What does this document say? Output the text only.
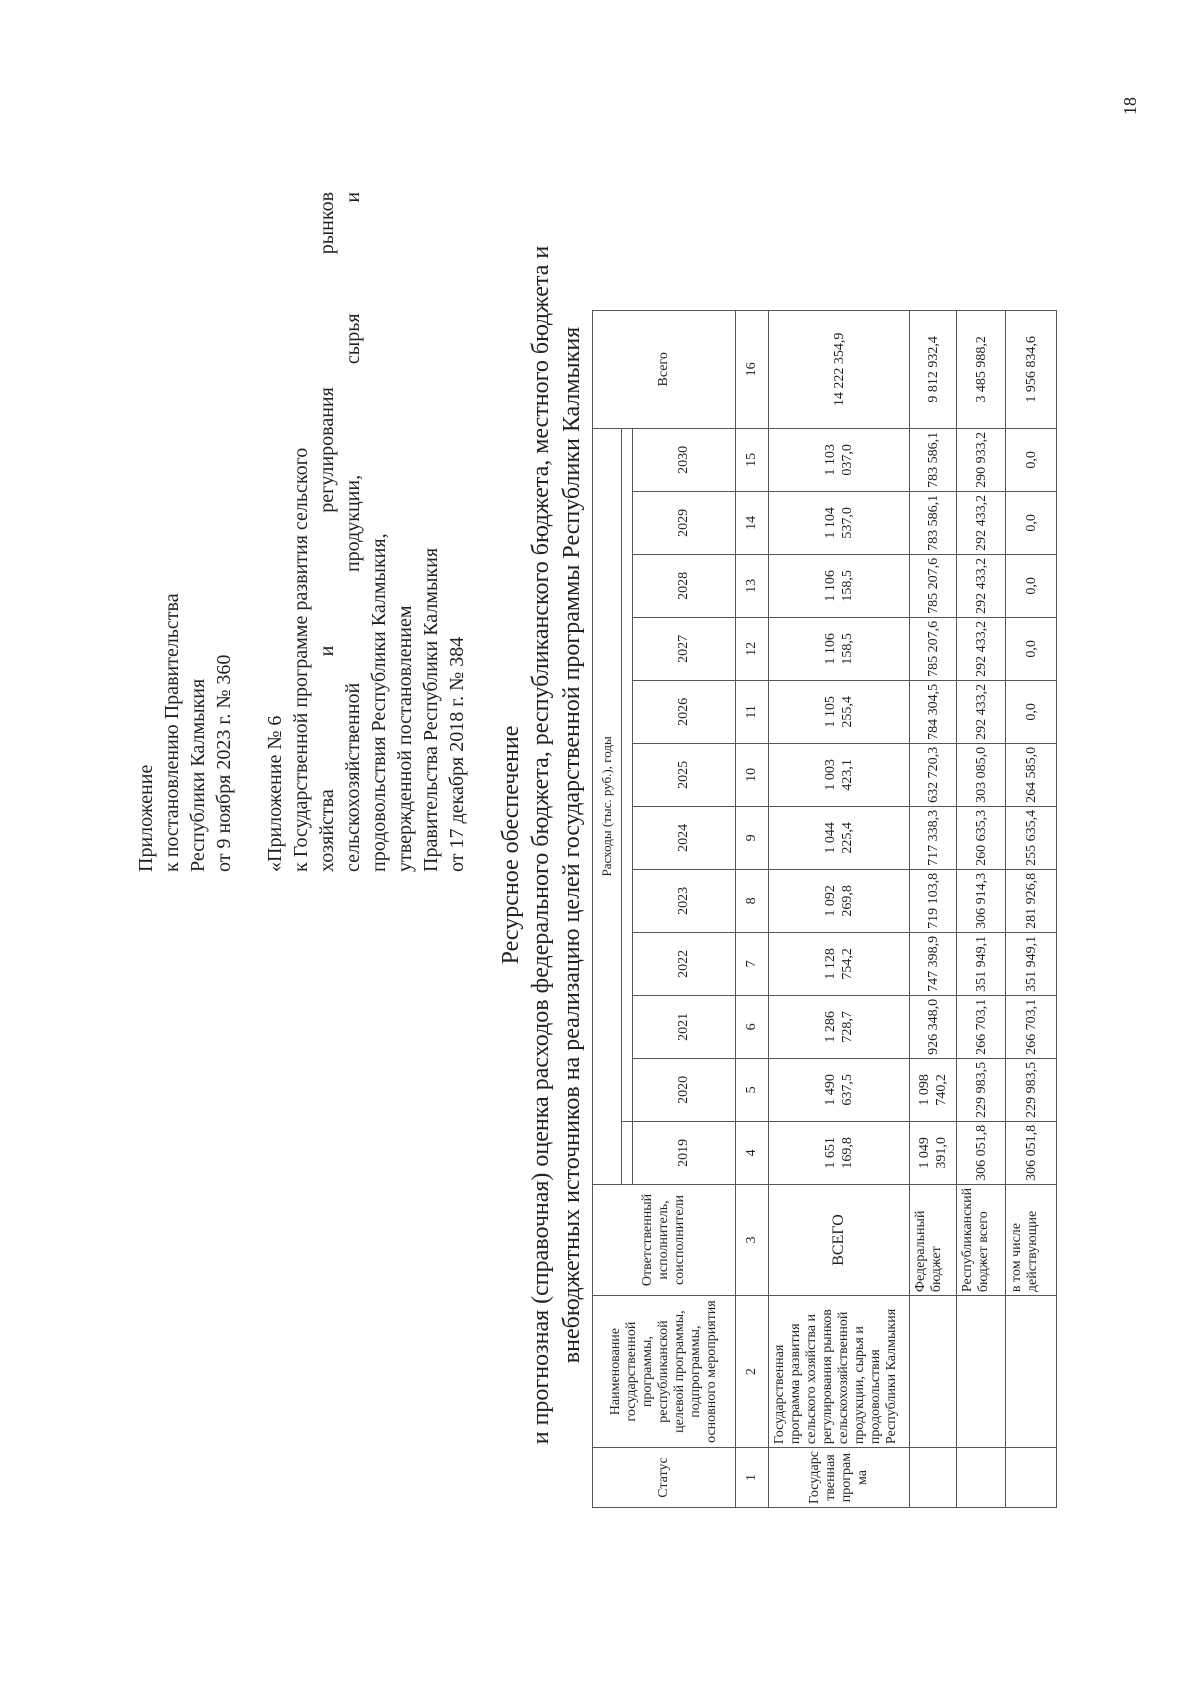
Приложение к постановлению Правительства Республики Калмыкия от 9 ноября 2023 г. № 360 «Приложение № 6 к Государственной программе развития сельского хозяйства и регулирования рынков
сельскохозяйственной продукции, сырья и
продовольствия Республики Калмыкия, утвержденной постановлением Правительства Республики Калмыкия от 17 декабря 2018 г. № 384 Ресурсное обеспечение и прогнозная (справочная) оценка расходов федерального бюджета, республиканского бюджета, местного бюджета и внебюджетных источников на реализацию целей государственной программы Республики Калмыкия
Статус	Наименование государственной программы, республиканской целевой программы, подпрограммы, основного мероприятия	Ответственный исполнитель, соисполнители	Расходы (тыс. руб.), годы												Всего

			2019	2020	2021	2022	2023	2024	2025	2026	2027	2028	2029	2030	
1	2	3	4	5	6	7	8	9	10	11	12	13	14	15	16
Государс твенная програм ма	Государственная программа развития сельского хозяйства и регулирования рынков сельскохозяйственной продукции, сырья и продовольствия Республики Калмыкия	ВСЕГО	1 651 169,8	1 490 637,5	1 286 728,7	1 128 754,2	1 092 269,8	1 044 225,4	1 003 423,1	1 105 255,4	1 106 158,5	1 106 158,5	1 104 537,0	1 103 037,0	14 222 354,9
		Федеральный бюджет	1 049 391,0	1 098 740,2	926 348,0	747 398,9	719 103,8	717 338,3	632 720,3	784 304,5	785 207,6	785 207,6	783 586,1	783 586,1	9 812 932,4
		Республиканский бюджет всего	306 051,8	229 983,5	266 703,1	351 949,1	306 914,3	260 635,3	303 085,0	292 433,2	292 433,2	292 433,2	292 433,2	290 933,2	3 485 988,2
		в том числе действующие	306 051,8	229 983,5	266 703,1	351 949,1	281 926,8	255 635,4	264 585,0	0,0	0,0	0,0	0,0	0,0	1 956 834,6
18
